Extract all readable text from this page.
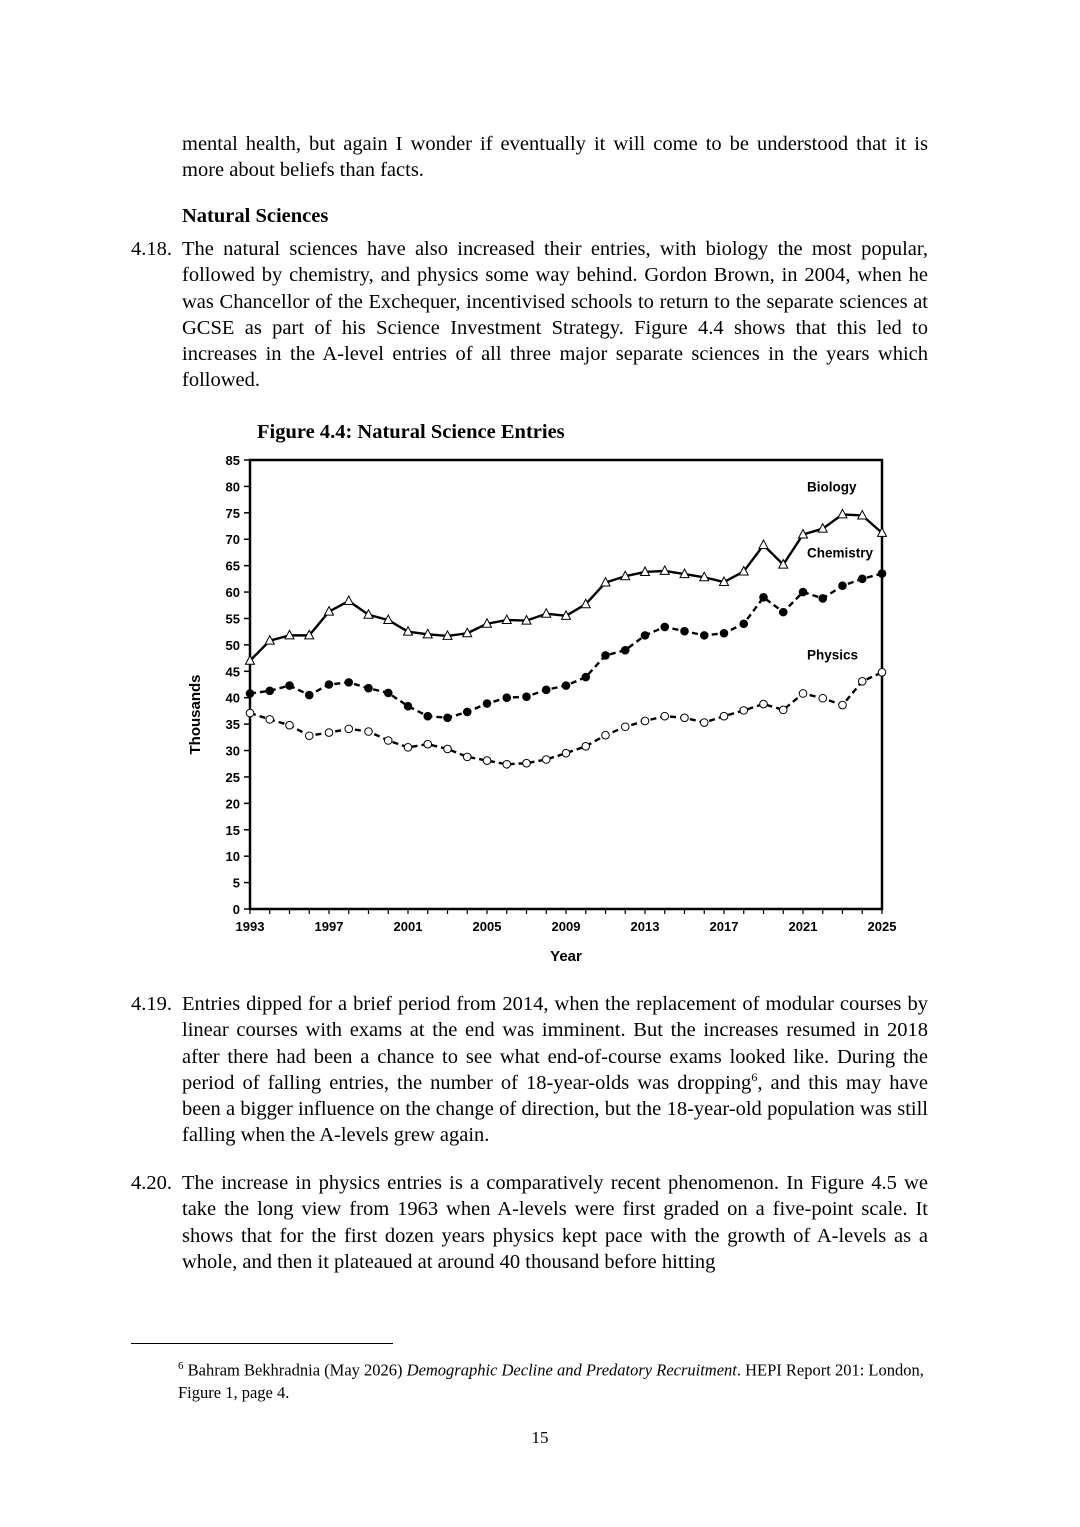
mental health, but again I wonder if eventually it will come to be understood that it is more about beliefs than facts.

Natural Sciences
4.18. The natural sciences have also increased their entries, with biology the most popular, followed by chemistry, and physics some way behind. Gordon Brown, in 2004, when he was Chancellor of the Exchequer, incentivised schools to return to the separate sciences at GCSE as part of his Science Investment Strategy. Figure 4.4 shows that this led to increases in the A-level entries of all three major separate sciences in the years which followed.

Figure 4.4: Natural Science Entries
0
5
10
15
20
25
30
35
40
45
50
55
60
65
70
75
80
85
1993	1997	2001	2005	2009	2013	2017	2021	2025
Year
Thousands
Biology
Chemistry
Physics
4.19. Entries dipped for a brief period from 2014, when the replacement of modular courses by linear courses with exams at the end was imminent. But the increases resumed in 2018 after there had been a chance to see what end-of-course exams looked like. During the period of falling entries, the number of 18-year-olds was dropping$^6$, and this may have been a bigger influence on the change of direction, but the 18-year-old population was still falling when the A-levels grew again.

4.20. The increase in physics entries is a comparatively recent phenomenon. In Figure 4.5 we take the long view from 1963 when A-levels were first graded on a five-point scale. It shows that for the first dozen years physics kept pace with the growth of A-levels as a whole, and then it plateaued at around 40 thousand before hitting

$^6$ Bahram Bekhradnia (May 2026) Demographic Decline and Predatory Recruitment. HEPI Report 201: London, Figure 1, page 4.
15
